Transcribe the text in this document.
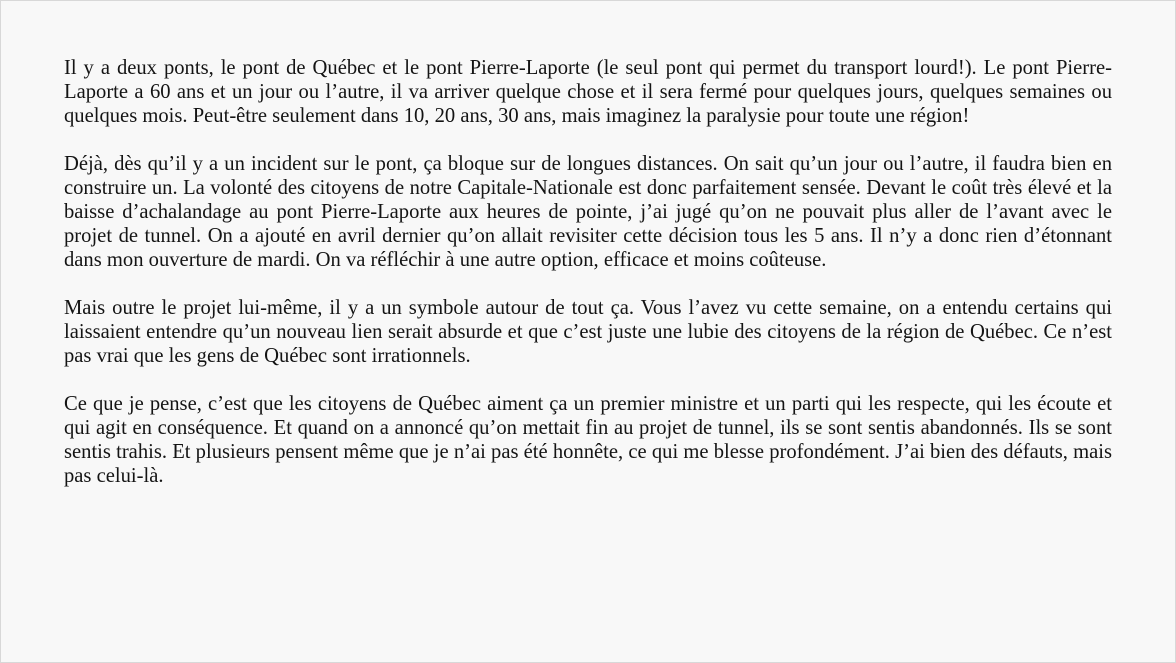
Il y a deux ponts, le pont de Québec et le pont Pierre-Laporte (le seul pont qui permet du transport lourd!). Le pont Pierre-Laporte a 60 ans et un jour ou l’autre, il va arriver quelque chose et il sera fermé pour quelques jours, quelques semaines ou quelques mois. Peut-être seulement dans 10, 20 ans, 30 ans, mais imaginez la paralysie pour toute une région!

Déjà, dès qu’il y a un incident sur le pont, ça bloque sur de longues distances. On sait qu’un jour ou l’autre, il faudra bien en construire un. La volonté des citoyens de notre Capitale-Nationale est donc parfaitement sensée. Devant le coût très élevé et la baisse d’achalandage au pont Pierre-Laporte aux heures de pointe, j’ai jugé qu’on ne pouvait plus aller de l’avant avec le projet de tunnel. On a ajouté en avril dernier qu’on allait revisiter cette décision tous les 5 ans. Il n’y a donc rien d’étonnant dans mon ouverture de mardi. On va réfléchir à une autre option, efficace et moins coûteuse.

Mais outre le projet lui-même, il y a un symbole autour de tout ça. Vous l’avez vu cette semaine, on a entendu certains qui laissaient entendre qu’un nouveau lien serait absurde et que c’est juste une lubie des citoyens de la région de Québec. Ce n’est pas vrai que les gens de Québec sont irrationnels.

Ce que je pense, c’est que les citoyens de Québec aiment ça un premier ministre et un parti qui les respecte, qui les écoute et qui agit en conséquence. Et quand on a annoncé qu’on mettait fin au projet de tunnel, ils se sont sentis abandonnés. Ils se sont sentis trahis. Et plusieurs pensent même que je n’ai pas été honnête, ce qui me blesse profondément. J’ai bien des défauts, mais pas celui-là.
